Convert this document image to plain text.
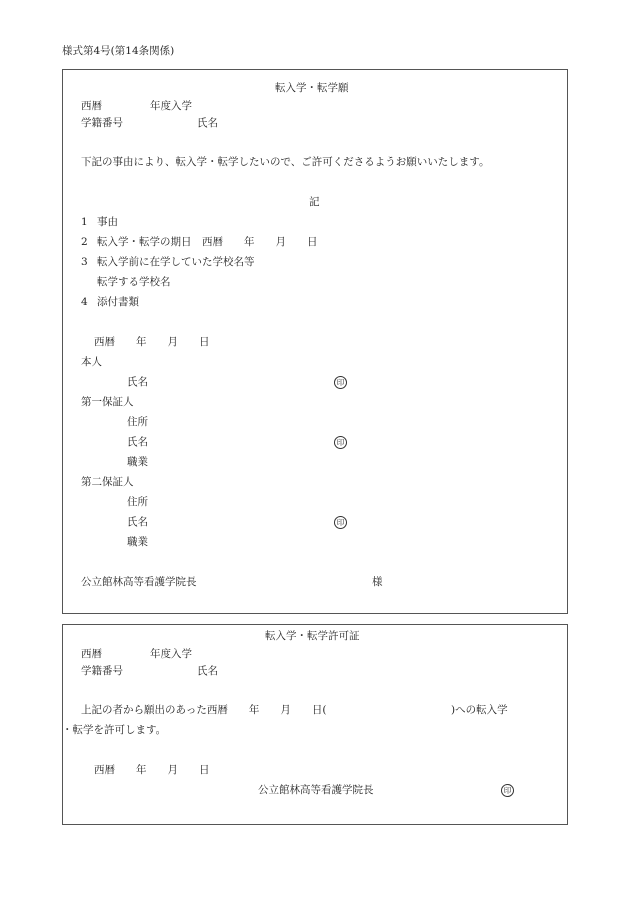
様式第4号(第14条関係)
転入学・転学願
西暦	年度入学
学籍番号	氏名
下記の事由により、転入学・転学したいので、ご許可くださるようお願いいたします。
記
1 事由
2 転入学・転学の期日　西暦　　年　　月　　日
3 転入学前に在学していた学校名等
転学する学校名
4 添付書類
西暦　　年　　月　　日
本人
氏名	印
第一保証人
住所
氏名	印
職業
第二保証人
住所
氏名	印
職業
公立館林高等看護学院長	様
転入学・転学許可証
西暦	年度入学
学籍番号	氏名
上記の者から願出のあった西暦　　年　　月　　日(	)への転入学
・転学を許可します。
西暦　　年　　月　　日
公立館林高等看護学院長	印
